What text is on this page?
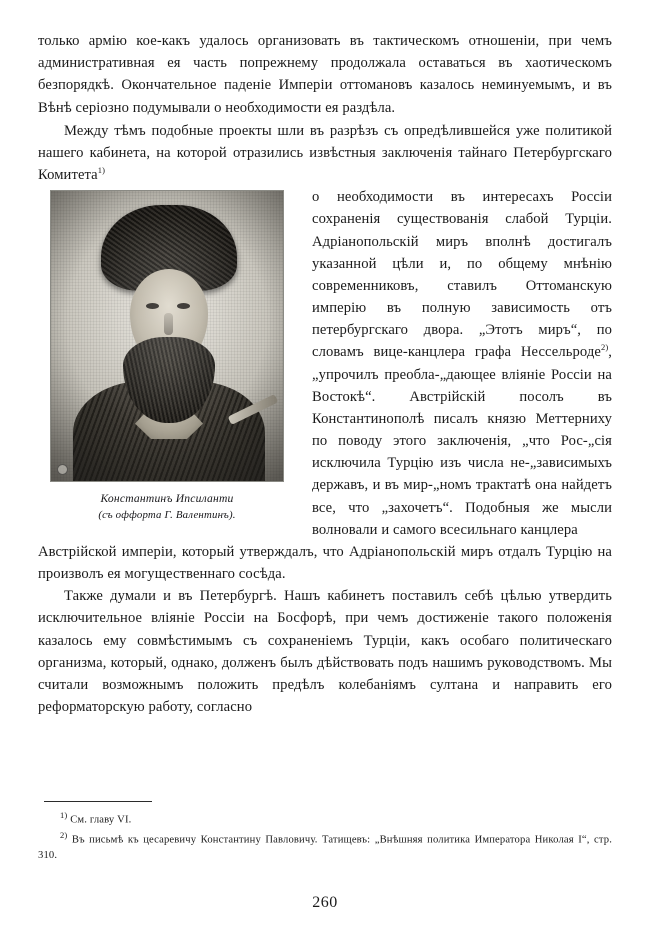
только армію кое-какъ удалось организовать въ тактическомъ отношеніи, при чемъ административная ея часть попрежнему продолжала оставаться въ хаотическомъ безпорядкѣ. Окончательное паденіе Имперіи оттомановъ казалось неминуемымъ, и въ Вѣнѣ серіозно подумывали о необходимости ея раздѣла.

Между тѣмъ подобные проекты шли въ разрѣзъ съ опредѣлившейся уже политикой нашего кабинета, на которой отразились извѣстныя заключенія тайнаго Петербургскаго Комитета$^{1)}$

Константинъ Ипсиланти
(съ оффорта Г. Валентинъ).

о необходимости въ интересахъ Россіи сохраненія существованія слабой Турціи. Адріанопольскій миръ вполнѣ достигалъ указанной цѣли и, по общему мнѣнію современниковъ, ставилъ Оттоманскую имперію въ полную зависимость отъ петербургскаго двора. „Этотъ миръ“, по словамъ вице-канцлера графа Нессельроде$^{2)}$, „упрочилъ преобла-„дающее вліяніе Россіи на Востокѣ“. Австрійскій посолъ въ Константинополѣ писалъ князю Меттерниху по поводу этого заключенія, „что Рос-„сія исключила Турцію изъ числа не-„зависимыхъ державъ, и въ мир-„номъ трактатѣ она найдетъ все, что „захочетъ“. Подобныя же мысли волновали и самого всесильнаго канцлера

Австрійской имперіи, который утверждалъ, что Адріанопольскій миръ отдалъ Турцію на произволъ ея могущественнаго сосѣда.

Также думали и въ Петербургѣ. Нашъ кабинетъ поставилъ себѣ цѣлью утвердить исключительное вліяніе Россіи на Босфорѣ, при чемъ достиженіе такого положенія казалось ему совмѣстимымъ съ сохраненіемъ Турціи, какъ особаго политическаго организма, который, однако, долженъ былъ дѣйствовать подъ нашимъ руководствомъ. Мы считали возможнымъ положить предѣлъ колебаніямъ султана и направить его реформаторскую работу, согласно

$^{1)}$ См. главу VI.

$^{2)}$ Въ письмѣ къ цесаревичу Константину Павловичу. Татищевъ: „Внѣшняя политика Императора Николая I“, стр. 310.

260
